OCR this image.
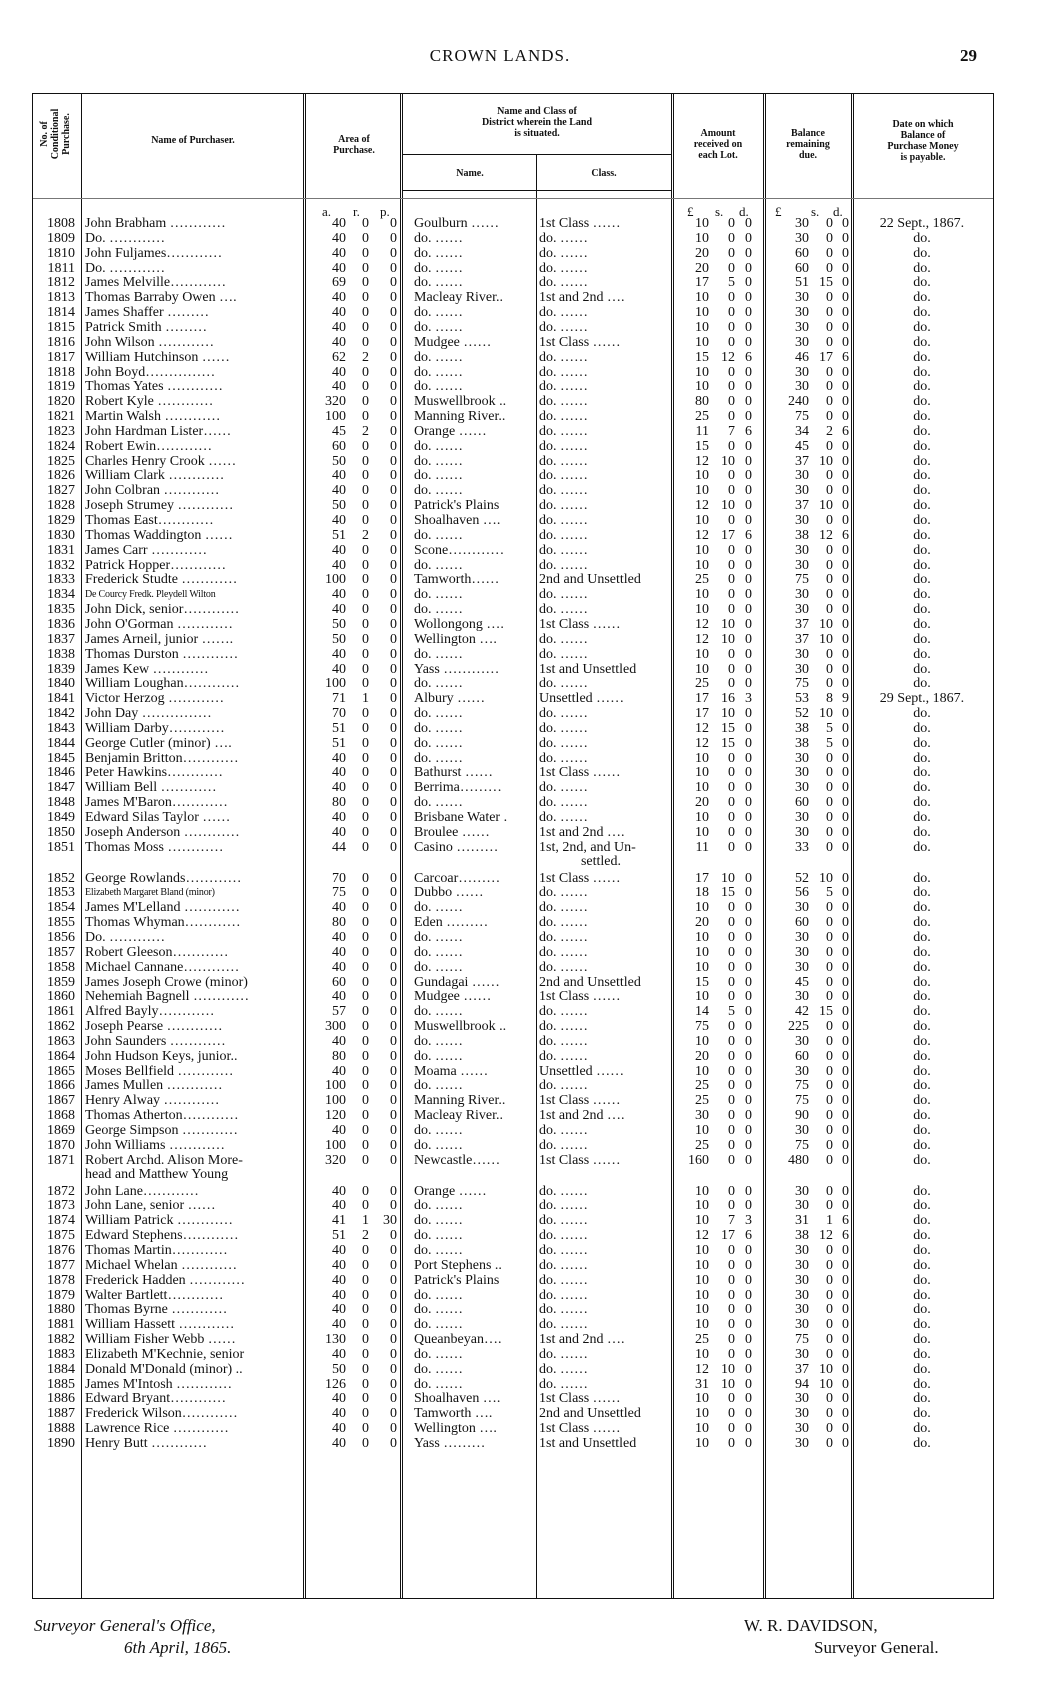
CROWN LANDS.	29
No. of
Conditional
Purchase.	Name of Purchaser.	Area of
Purchase.
Name and Class of
District wherein the Land
is situated.
Name.	Class.
Amount
received on
each Lot.
Balance
remaining
due.
Date on which
Balance of
Purchase Money
is payable.
a. r. p.	£ s. d. £ s. d.
1808 John Brabham …………	40	0	0 Goulburn ……	1st Class ……	10	0 0	30	0 0	22 Sept., 1867.
1809 Do. …………	40	0	0 do. ……	do. ……	10	0 0	30	0 0	do.
1810 John Fuljames…………	40	0	0 do. ……	do. ……	20	0 0	60	0 0	do.
1811 Do. …………	40	0	0 do. ……	do. ……	20	0 0	60	0 0	do.
1812 James Melville…………	69	0	0 do. ……	do. ……	17	5 0	51 15 0	do.
1813 Thomas Barraby Owen ….	40	0	0 Macleay River..	1st and 2nd ….	10	0 0	30	0 0	do.
1814 James Shaffer ………	40	0	0 do. ……	do. ……	10	0 0	30	0 0	do.
1815 Patrick Smith ………	40	0	0 do. ……	do. ……	10	0 0	30	0 0	do.
1816 John Wilson …………	40	0	0 Mudgee ……	1st Class ……	10	0 0	30	0 0	do.
1817 William Hutchinson ……	62	2	0 do. ……	do. ……	15 12 6	46 17 6	do.
1818 John Boyd……………	40	0	0 do. ……	do. ……	10	0 0	30	0 0	do.
1819 Thomas Yates …………	40	0	0 do. ……	do. ……	10	0 0	30	0 0	do.
1820 Robert Kyle …………	320	0	0 Muswellbrook ..	do. ……	80	0 0	240	0 0	do.
1821 Martin Walsh …………	100	0	0 Manning River..	do. ……	25	0 0	75	0 0	do.
1823 John Hardman Lister……	45	2	0 Orange ……	do. ……	11	7 6	34	2 6	do.
1824 Robert Ewin…………	60	0	0 do. ……	do. ……	15	0 0	45	0 0	do.
1825 Charles Henry Crook ……	50	0	0 do. ……	do. ……	12 10 0	37 10 0	do.
1826 William Clark …………	40	0	0 do. ……	do. ……	10	0 0	30	0 0	do.
1827 John Colbran …………	40	0	0 do. ……	do. ……	10	0 0	30	0 0	do.
1828 Joseph Strumey …………	50	0	0 Patrick's Plains	do. ……	12 10 0	37 10 0	do.
1829 Thomas East…………	40	0	0 Shoalhaven ….	do. ……	10	0 0	30	0 0	do.
1830 Thomas Waddington ……	51	2	0 do. ……	do. ……	12 17 6	38 12 6	do.
1831 James Carr …………	40	0	0 Scone…………	do. ……	10	0 0	30	0 0	do.
1832 Patrick Hopper…………	40	0	0 do. ……	do. ……	10	0 0	30	0 0	do.
1833 Frederick Studte …………	100	0	0 Tamworth……	2nd and Unsettled	25	0 0	75	0 0	do.
1834 De Courcy Fredk. Pleydell Wilton	40	0	0 do. ……	do. ……	10	0 0	30	0 0	do.
1835 John Dick, senior…………	40	0	0 do. ……	do. ……	10	0 0	30	0 0	do.
1836 John O'Gorman …………	50	0	0 Wollongong ….	1st Class ……	12 10 0	37 10 0	do.
1837 James Arneil, junior …….	50	0	0 Wellington ….	do. ……	12 10 0	37 10 0	do.
1838 Thomas Durston …………	40	0	0 do. ……	do. ……	10	0 0	30	0 0	do.
1839 James Kew …………	40	0	0 Yass …………	1st and Unsettled	10	0 0	30	0 0	do.
1840 William Loughan…………	100	0	0 do. ……	do. ……	25	0 0	75	0 0	do.
1841 Victor Herzog …………	71	1	0 Albury ……	Unsettled ……	17 16 3	53	8 9	29 Sept., 1867.
1842 John Day ……………	70	0	0 do. ……	do. ……	17 10 0	52 10 0	do.
1843 William Darby…………	51	0	0 do. ……	do. ……	12 15 0	38	5 0	do.
1844 George Cutler (minor) ….	51	0	0 do. ……	do. ……	12 15 0	38	5 0	do.
1845 Benjamin Britton…………	40	0	0 do. ……	do. ……	10	0 0	30	0 0	do.
1846 Peter Hawkins…………	40	0	0 Bathurst ……	1st Class ……	10	0 0	30	0 0	do.
1847 William Bell …………	40	0	0 Berrima………	do. ……	10	0 0	30	0 0	do.
1848 James M'Baron…………	80	0	0 do. ……	do. ……	20	0 0	60	0 0	do.
1849 Edward Silas Taylor ……	40	0	0 Brisbane Water .	do. ……	10	0 0	30	0 0	do.
1850 Joseph Anderson …………	40	0	0 Broulee ……	1st and 2nd ….	10	0 0	30	0 0	do.
1851 Thomas Moss …………	44	0	0 Casino ………	1st, 2nd, and Un-	11	0 0	33	0 0	do.
settled.
1852 George Rowlands…………	70	0	0 Carcoar………	1st Class ……	17 10 0	52 10 0	do.
1853 Elizabeth Margaret Bland (minor)	75	0	0 Dubbo ……	do. ……	18 15 0	56	5 0	do.
1854 James M'Lelland …………	40	0	0 do. ……	do. ……	10	0 0	30	0 0	do.
1855 Thomas Whyman…………	80	0	0 Eden ………	do. ……	20	0 0	60	0 0	do.
1856 Do. …………	40	0	0 do. ……	do. ……	10	0 0	30	0 0	do.
1857 Robert Gleeson…………	40	0	0 do. ……	do. ……	10	0 0	30	0 0	do.
1858 Michael Cannane…………	40	0	0 do. ……	do. ……	10	0 0	30	0 0	do.
1859 James Joseph Crowe (minor)	60	0	0 Gundagai ……	2nd and Unsettled	15	0 0	45	0 0	do.
1860 Nehemiah Bagnell …………	40	0	0 Mudgee ……	1st Class ……	10	0 0	30	0 0	do.
1861 Alfred Bayly…………	57	0	0 do. ……	do. ……	14	5 0	42 15 0	do.
1862 Joseph Pearse …………	300	0	0 Muswellbrook ..	do. ……	75	0 0	225	0 0	do.
1863 John Saunders …………	40	0	0 do. ……	do. ……	10	0 0	30	0 0	do.
1864 John Hudson Keys, junior..	80	0	0 do. ……	do. ……	20	0 0	60	0 0	do.
1865 Moses Bellfield …………	40	0	0 Moama ……	Unsettled ……	10	0 0	30	0 0	do.
1866 James Mullen …………	100	0	0 do. ……	do. ……	25	0 0	75	0 0	do.
1867 Henry Alway …………	100	0	0 Manning River..	1st Class ……	25	0 0	75	0 0	do.
1868 Thomas Atherton…………	120	0	0 Macleay River..	1st and 2nd ….	30	0 0	90	0 0	do.
1869 George Simpson …………	40	0	0 do. ……	do. ……	10	0 0	30	0 0	do.
1870 John Williams …………	100	0	0 do. ……	do. ……	25	0 0	75	0 0	do.
1871 Robert Archd. Alison More-	320	0	0 Newcastle……	1st Class ……	160	0 0	480	0 0	do.
head and Matthew Young
1872 John Lane…………	40	0	0 Orange ……	do. ……	10	0 0	30	0 0	do.
1873 John Lane, senior ……	40	0	0 do. ……	do. ……	10	0 0	30	0 0	do.
1874 William Patrick …………	41	1	30 do. ……	do. ……	10	7 3	31	1 6	do.
1875 Edward Stephens…………	51	2	0 do. ……	do. ……	12 17 6	38 12 6	do.
1876 Thomas Martin…………	40	0	0 do. ……	do. ……	10	0 0	30	0 0	do.
1877 Michael Whelan …………	40	0	0 Port Stephens ..	do. ……	10	0 0	30	0 0	do.
1878 Frederick Hadden …………	40	0	0 Patrick's Plains	do. ……	10	0 0	30	0 0	do.
1879 Walter Bartlett…………	40	0	0 do. ……	do. ……	10	0 0	30	0 0	do.
1880 Thomas Byrne …………	40	0	0 do. ……	do. ……	10	0 0	30	0 0	do.
1881 William Hassett …………	40	0	0 do. ……	do. ……	10	0 0	30	0 0	do.
1882 William Fisher Webb ……	130	0	0 Queanbeyan….	1st and 2nd ….	25	0 0	75	0 0	do.
1883 Elizabeth M'Kechnie, senior	40	0	0 do. ……	do. ……	10	0 0	30	0 0	do.
1884 Donald M'Donald (minor) ..	50	0	0 do. ……	do. ……	12 10 0	37 10 0	do.
1885 James M'Intosh …………	126	0	0 do. ……	do. ……	31 10 0	94 10 0	do.
1886 Edward Bryant…………	40	0	0 Shoalhaven ….	1st Class ……	10	0 0	30	0 0	do.
1887 Frederick Wilson…………	40	0	0 Tamworth ….	2nd and Unsettled	10	0 0	30	0 0	do.
1888 Lawrence Rice …………	40	0	0 Wellington ….	1st Class ……	10	0 0	30	0 0	do.
1890 Henry Butt …………	40	0	0 Yass ………	1st and Unsettled	10	0 0	30	0 0	do.
Surveyor General's Office,
6th April, 1865.
W. R. DAVIDSON,
Surveyor General.
